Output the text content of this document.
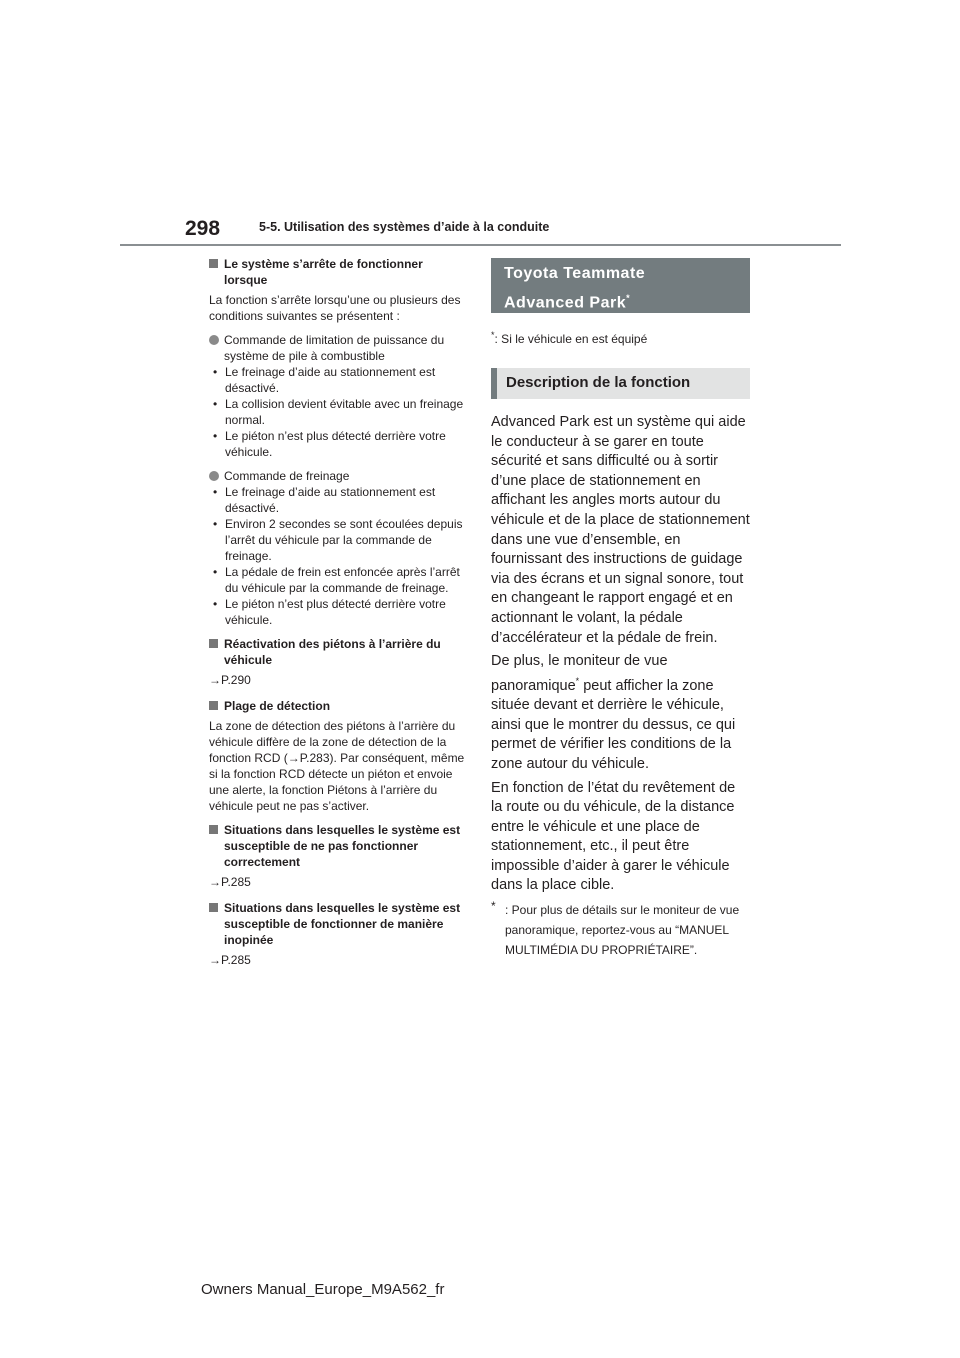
298	5-5. Utilisation des systèmes d’aide à la conduite
Le système s’arrête de fonctionner lorsque

La fonction s’arrête lorsqu’une ou plusieurs des conditions suivantes se présentent :

Commande de limitation de puissance du système de pile à combustible
• Le freinage d’aide au stationnement est désactivé.
• La collision devient évitable avec un freinage normal.
• Le piéton n’est plus détecté derrière votre véhicule.
Commande de freinage
• Le freinage d’aide au stationnement est désactivé.
• Environ 2 secondes se sont écoulées depuis l’arrêt du véhicule par la commande de freinage.
• La pédale de frein est enfoncée après l’arrêt du véhicule par la commande de freinage.
• Le piéton n’est plus détecté derrière votre véhicule.
Réactivation des piétons à l’arrière du véhicule

→P.290

Plage de détection

La zone de détection des piétons à l’arrière du véhicule diffère de la zone de détection de la fonction RCD (→P.283). Par conséquent, même si la fonction RCD détecte un piéton et envoie une alerte, la fonction Piétons à l’arrière du véhicule peut ne pas s’activer.

Situations dans lesquelles le système est susceptible de ne pas fonctionner correctement

→P.285

Situations dans lesquelles le système est susceptible de fonctionner de manière inopinée

→P.285

Toyota Teammate
Advanced Park*

*: Si le véhicule en est équipé

Description de la fonction

Advanced Park est un système qui aide le conducteur à se garer en toute sécurité et sans difficulté ou à sortir d’une place de stationnement en affichant les angles morts autour du véhicule et de la place de stationnement dans une vue d’ensemble, en fournissant des instructions de guidage via des écrans et un signal sonore, tout en changeant le rapport engagé et en actionnant le volant, la pédale d’accélérateur et la pédale de frein.

De plus, le moniteur de vue panoramique* peut afficher la zone située devant et derrière le véhicule, ainsi que le montrer du dessus, ce qui permet de vérifier les conditions de la zone autour du véhicule.

En fonction de l’état du revêtement de la route ou du véhicule, de la distance entre le véhicule et une place de stationnement, etc., il peut être impossible d’aider à garer le véhicule dans la place cible.

* : Pour plus de détails sur le moniteur de vue panoramique, reportez-vous au “MANUEL MULTIMÉDIA DU PROPRIÉTAIRE”.

Owners Manual_Europe_M9A562_fr
